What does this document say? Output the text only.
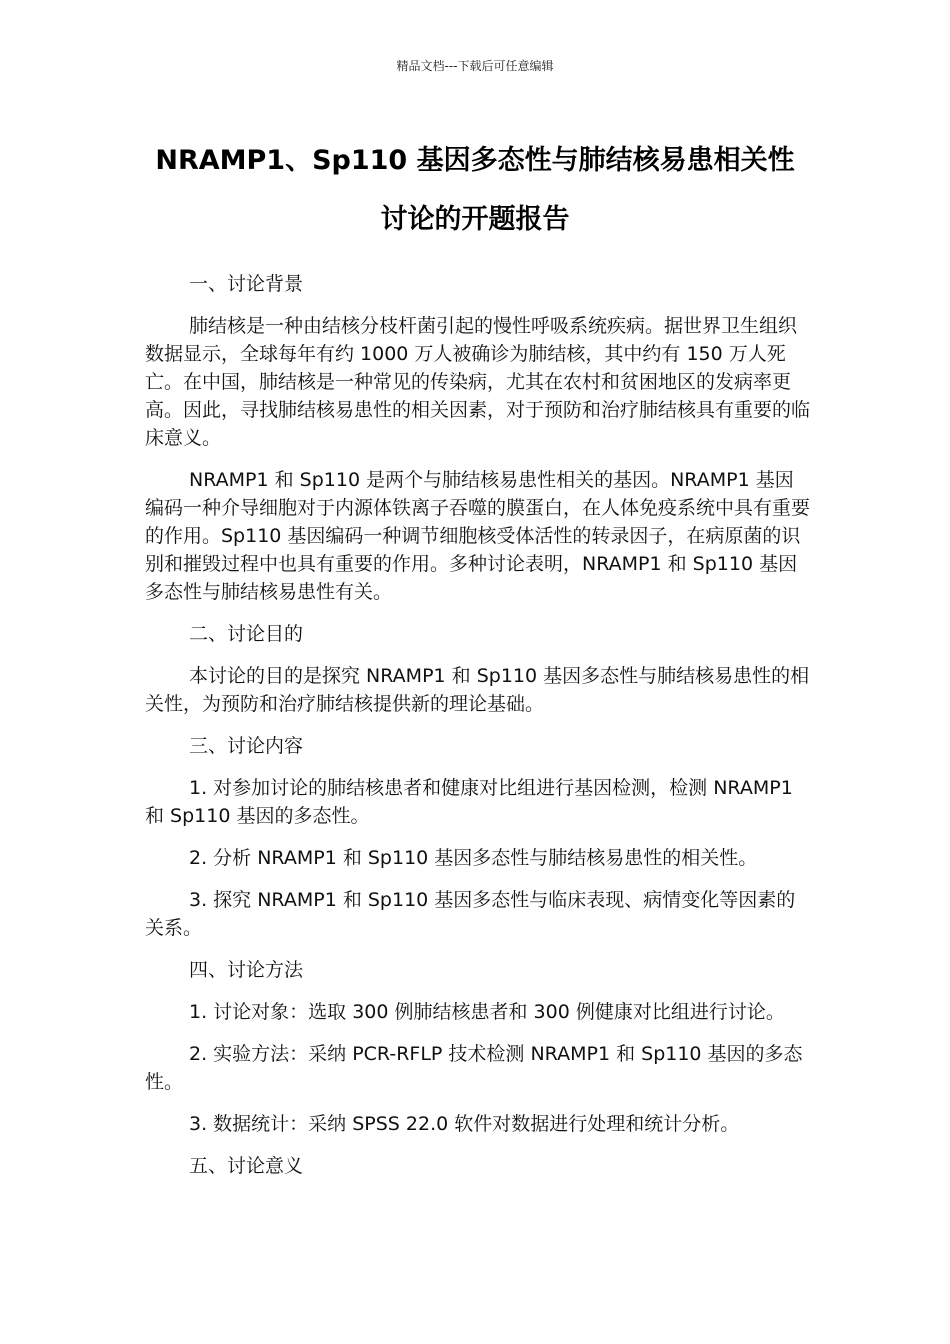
精品文档---下载后可任意编辑
NRAMP1、Sp110 基因多态性与肺结核易患相关性
讨论的开题报告

一、讨论背景

肺结核是一种由结核分枝杆菌引起的慢性呼吸系统疾病。据世界卫生组织数据显示，全球每年有约 1000 万人被确诊为肺结核，其中约有 150 万人死亡。在中国，肺结核是一种常见的传染病，尤其在农村和贫困地区的发病率更高。因此，寻找肺结核易患性的相关因素，对于预防和治疗肺结核具有重要的临床意义。

NRAMP1 和 Sp110 是两个与肺结核易患性相关的基因。NRAMP1 基因编码一种介导细胞对于内源体铁离子吞噬的膜蛋白，在人体免疫系统中具有重要的作用。Sp110 基因编码一种调节细胞核受体活性的转录因子，在病原菌的识别和摧毁过程中也具有重要的作用。多种讨论表明，NRAMP1 和 Sp110 基因多态性与肺结核易患性有关。

二、讨论目的

本讨论的目的是探究 NRAMP1 和 Sp110 基因多态性与肺结核易患性的相关性，为预防和治疗肺结核提供新的理论基础。

三、讨论内容

1. 对参加讨论的肺结核患者和健康对比组进行基因检测，检测 NRAMP1 和 Sp110 基因的多态性。

2. 分析 NRAMP1 和 Sp110 基因多态性与肺结核易患性的相关性。

3. 探究 NRAMP1 和 Sp110 基因多态性与临床表现、病情变化等因素的关系。

四、讨论方法

1. 讨论对象：选取 300 例肺结核患者和 300 例健康对比组进行讨论。

2. 实验方法：采纳 PCR-RFLP 技术检测 NRAMP1 和 Sp110 基因的多态性。

3. 数据统计：采纳 SPSS 22.0 软件对数据进行处理和统计分析。

五、讨论意义
